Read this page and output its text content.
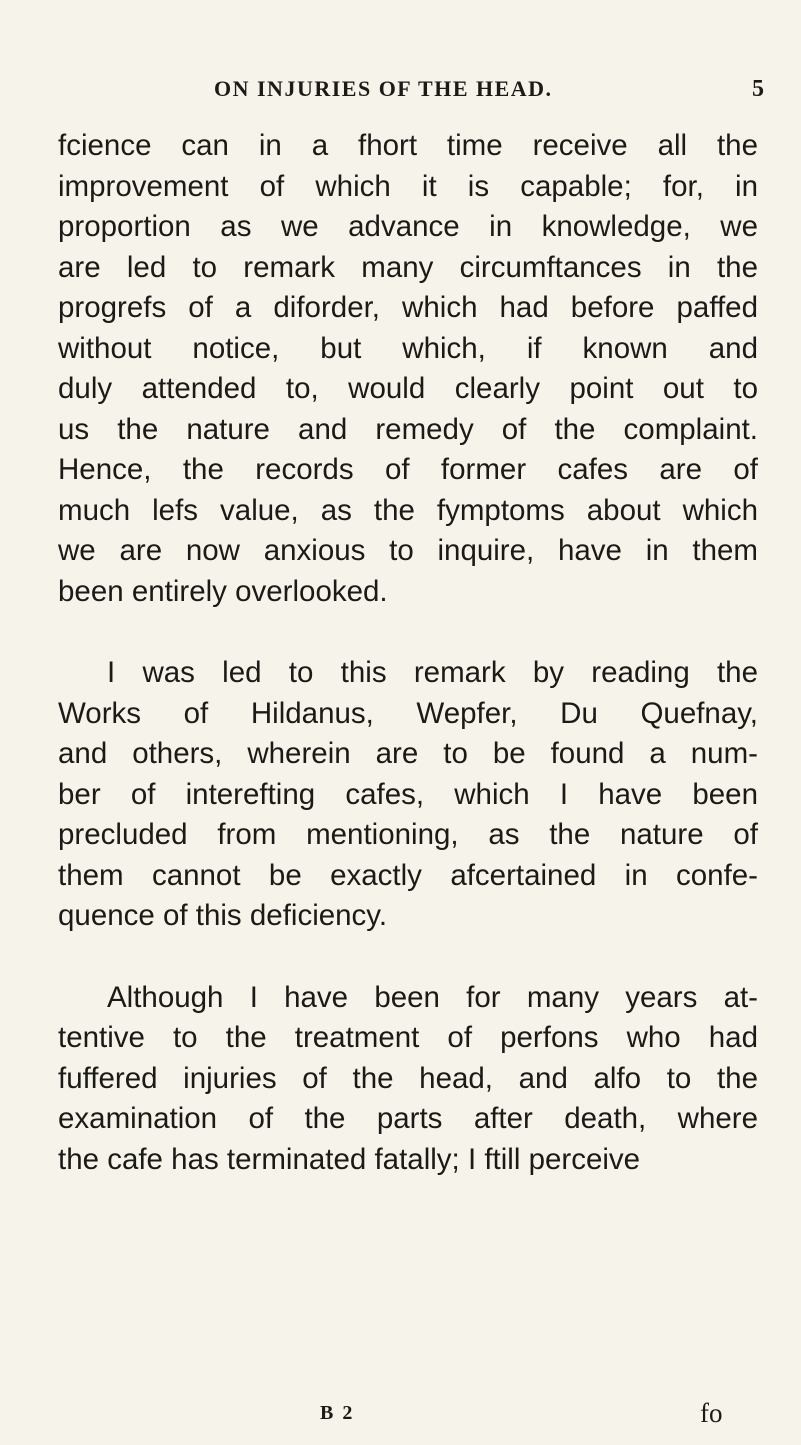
ON INJURIES OF THE HEAD.	5

fcience can in a fhort time receive all the
improvement of which it is capable; for, in
proportion as we advance in knowledge, we
are led to remark many circumftances in the
progrefs of a diforder, which had before paffed
without notice, but which, if known and
duly attended to, would clearly point out to
us the nature and remedy of the complaint.
Hence, the records of former cafes are of
much lefs value, as the fymptoms about which
we are now anxious to inquire, have in them
been entirely overlooked.

I was led to this remark by reading the
Works of Hildanus, Wepfer, Du Quefnay,
and others, wherein are to be found a num-
ber of interefting cafes, which I have been
precluded from mentioning, as the nature of
them cannot be exactly afcertained in confe-
quence of this deficiency.

Although I have been for many years at-
tentive to the treatment of perfons who had
fuffered injuries of the head, and alfo to the
examination of the parts after death, where
the cafe has terminated fatally; I ftill perceive

B 2	fo
